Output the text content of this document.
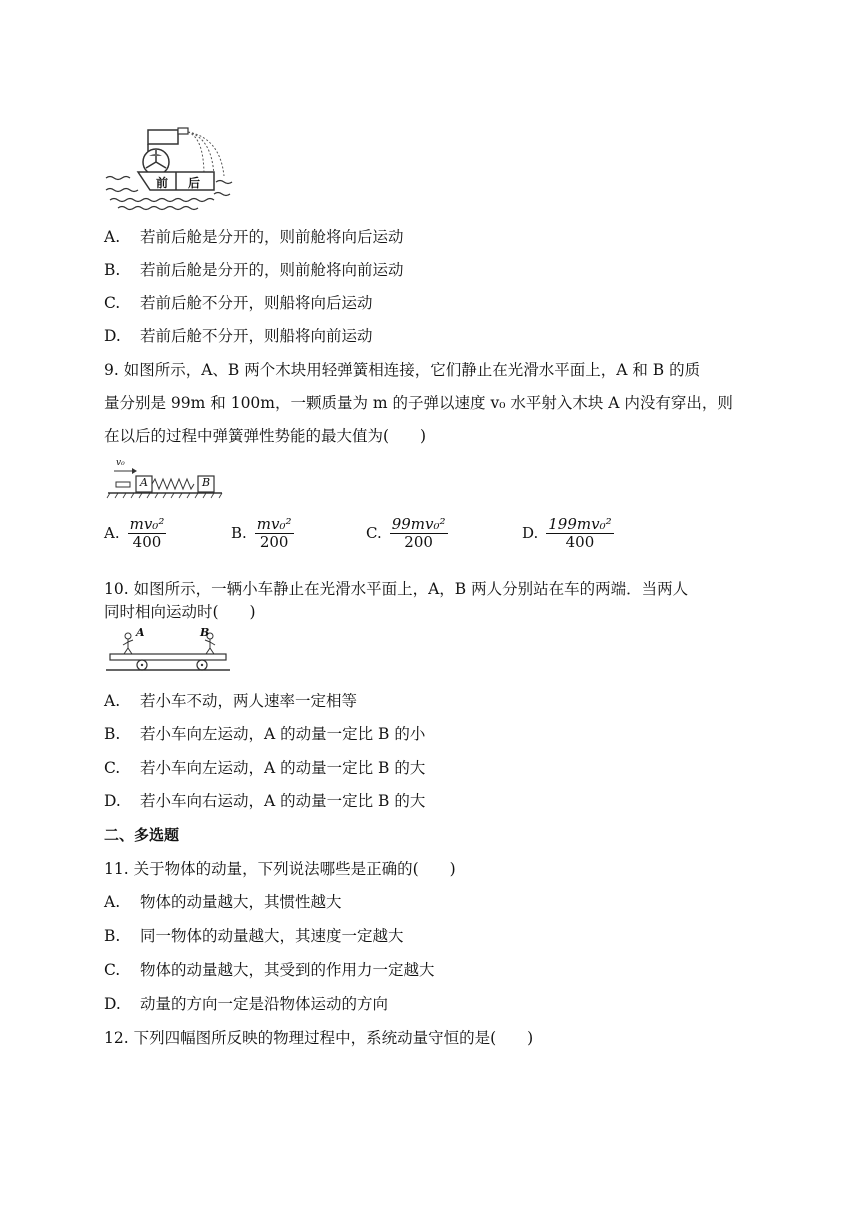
前 后
A. 若前后舱是分开的，则前舱将向后运动
B. 若前后舱是分开的，则前舱将向前运动
C. 若前后舱不分开，则船将向后运动
D. 若前后舱不分开，则船将向前运动
9. 如图所示，A、B 两个木块用轻弹簧相连接，它们静止在光滑水平面上，A 和 B 的质
量分别是 99m 和 100m，一颗质量为 m 的子弹以速度 v₀ 水平射入木块 A 内没有穿出，则
在以后的过程中弹簧弹性势能的最大值为(　　)
v₀
A	B
A. $\frac{\text{mv₀²}}{400}$	B. $\frac{\text{mv₀²}}{200}$	C. $\frac{\text{99mv₀²}}{200}$	D. $\frac{\text{199mv₀²}}{400}$
10. 如图所示，一辆小车静止在光滑水平面上，A，B 两人分别站在车的两端．当两人
同时相向运动时(　　)
A	B
A. 若小车不动，两人速率一定相等
B. 若小车向左运动，A 的动量一定比 B 的小
C. 若小车向左运动，A 的动量一定比 B 的大
D. 若小车向右运动，A 的动量一定比 B 的大
二、多选题
11. 关于物体的动量，下列说法哪些是正确的(　　)
A. 物体的动量越大，其惯性越大
B. 同一物体的动量越大，其速度一定越大
C. 物体的动量越大，其受到的作用力一定越大
D. 动量的方向一定是沿物体运动的方向
12. 下列四幅图所反映的物理过程中，系统动量守恒的是(　　)
